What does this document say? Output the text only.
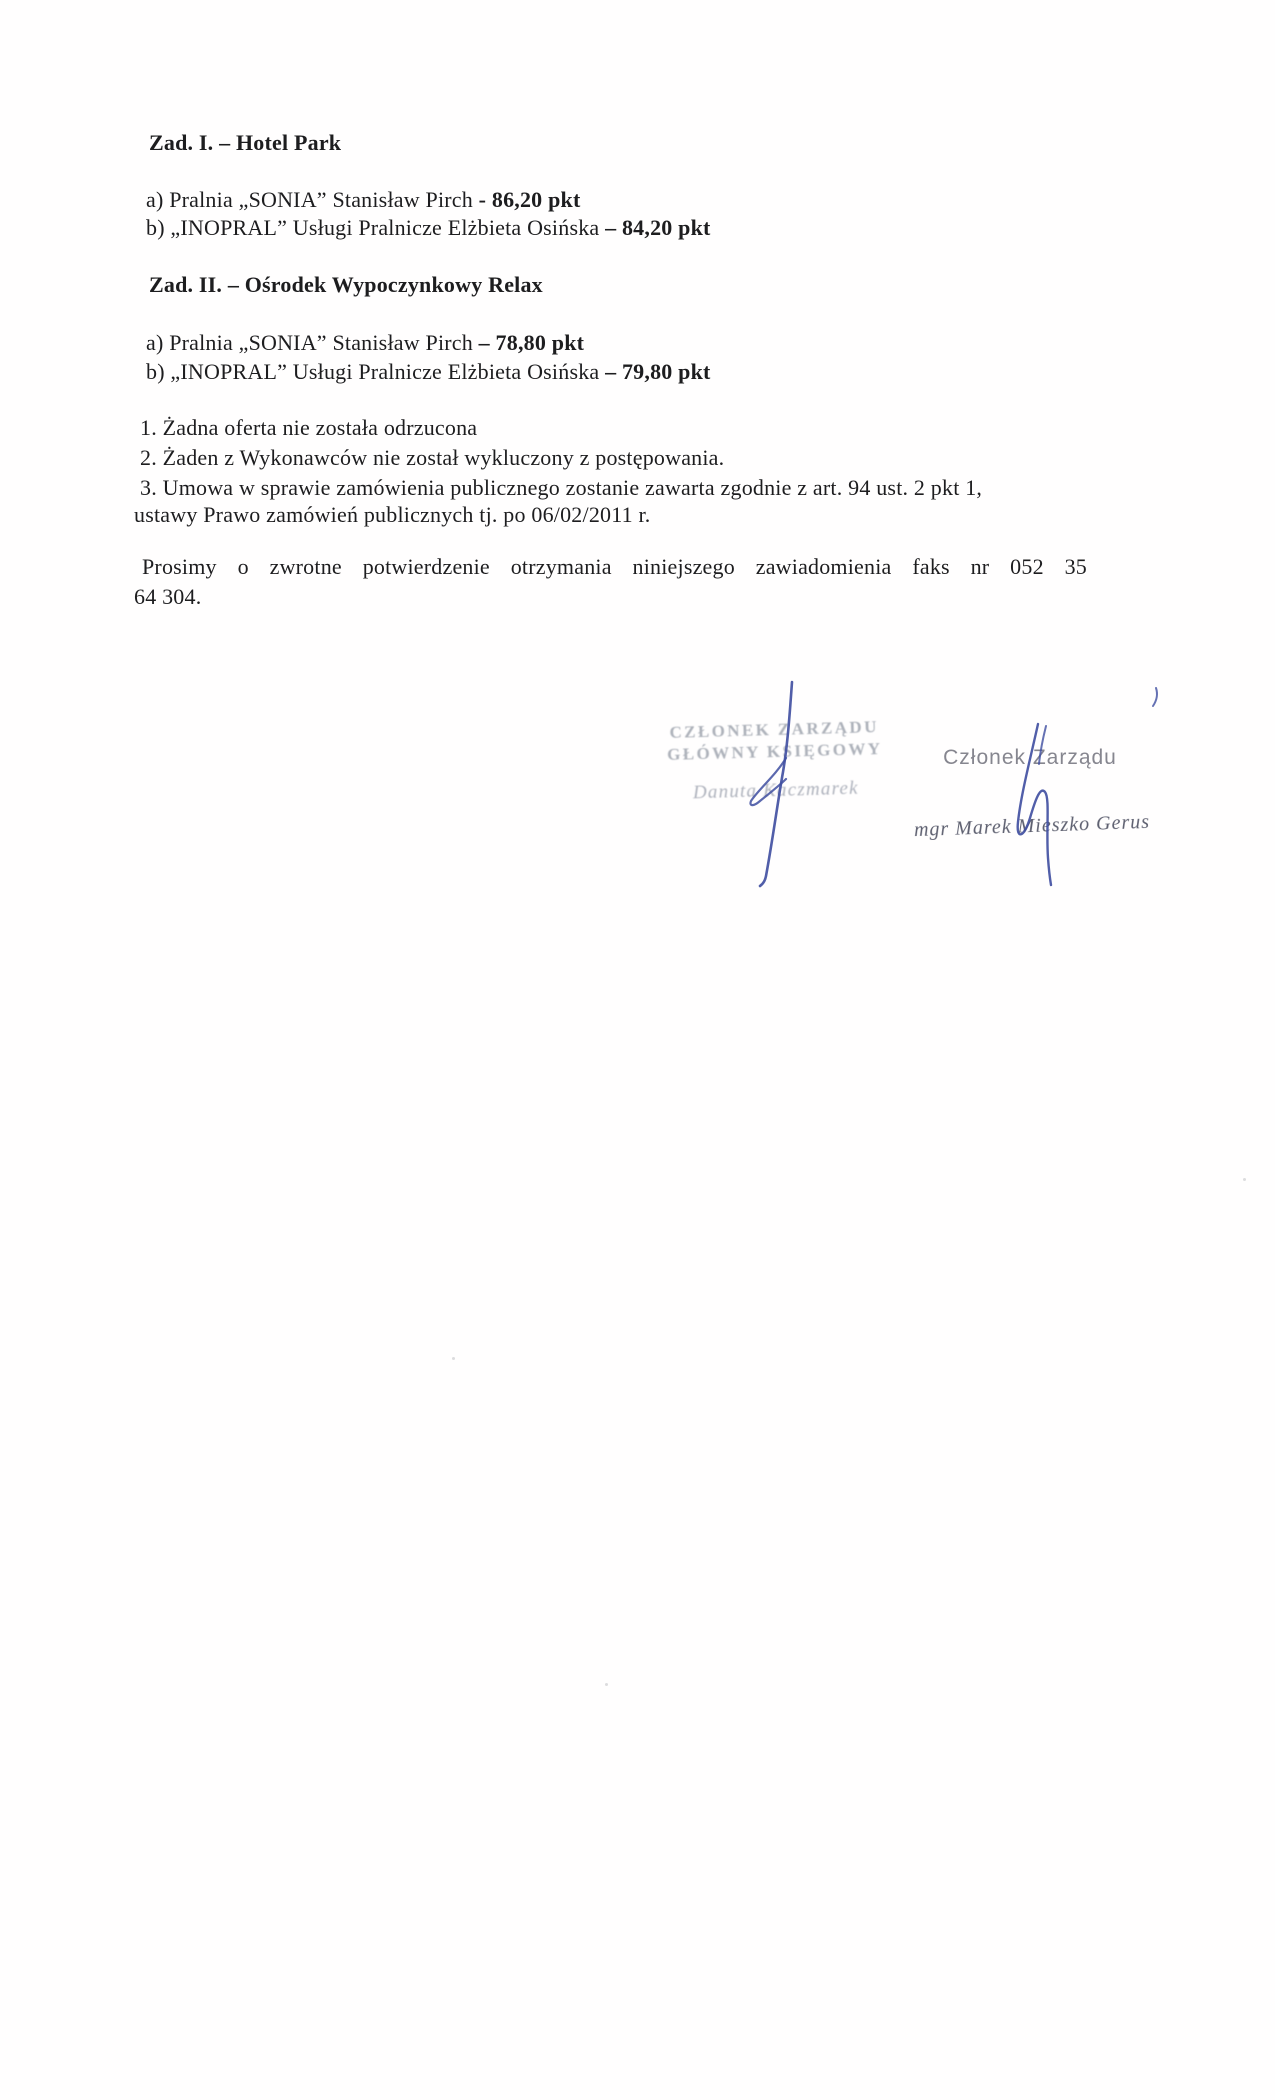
Zad. I. – Hotel Park
a) Pralnia „SONIA” Stanisław Pirch - 86,20 pkt
b) „INOPRAL” Usługi Pralnicze Elżbieta Osińska – 84,20 pkt
Zad. II. – Ośrodek Wypoczynkowy Relax
a) Pralnia „SONIA” Stanisław Pirch – 78,80 pkt
b) „INOPRAL” Usługi Pralnicze Elżbieta Osińska – 79,80 pkt
1. Żadna oferta nie została odrzucona
2. Żaden z Wykonawców nie został wykluczony z postępowania.
3. Umowa w sprawie zamówienia publicznego zostanie zawarta zgodnie z art. 94 ust. 2 pkt 1,
ustawy Prawo zamówień publicznych tj. po 06/02/2011 r.
Prosimy o zwrotne potwierdzenie otrzymania niniejszego zawiadomienia faks nr 052 35
64 304.
CZŁONEK ZARZĄDU
GŁÓWNY KSIĘGOWY
Danuta Kaczmarek
Członek Zarządu
mgr Marek Mieszko Gerus
